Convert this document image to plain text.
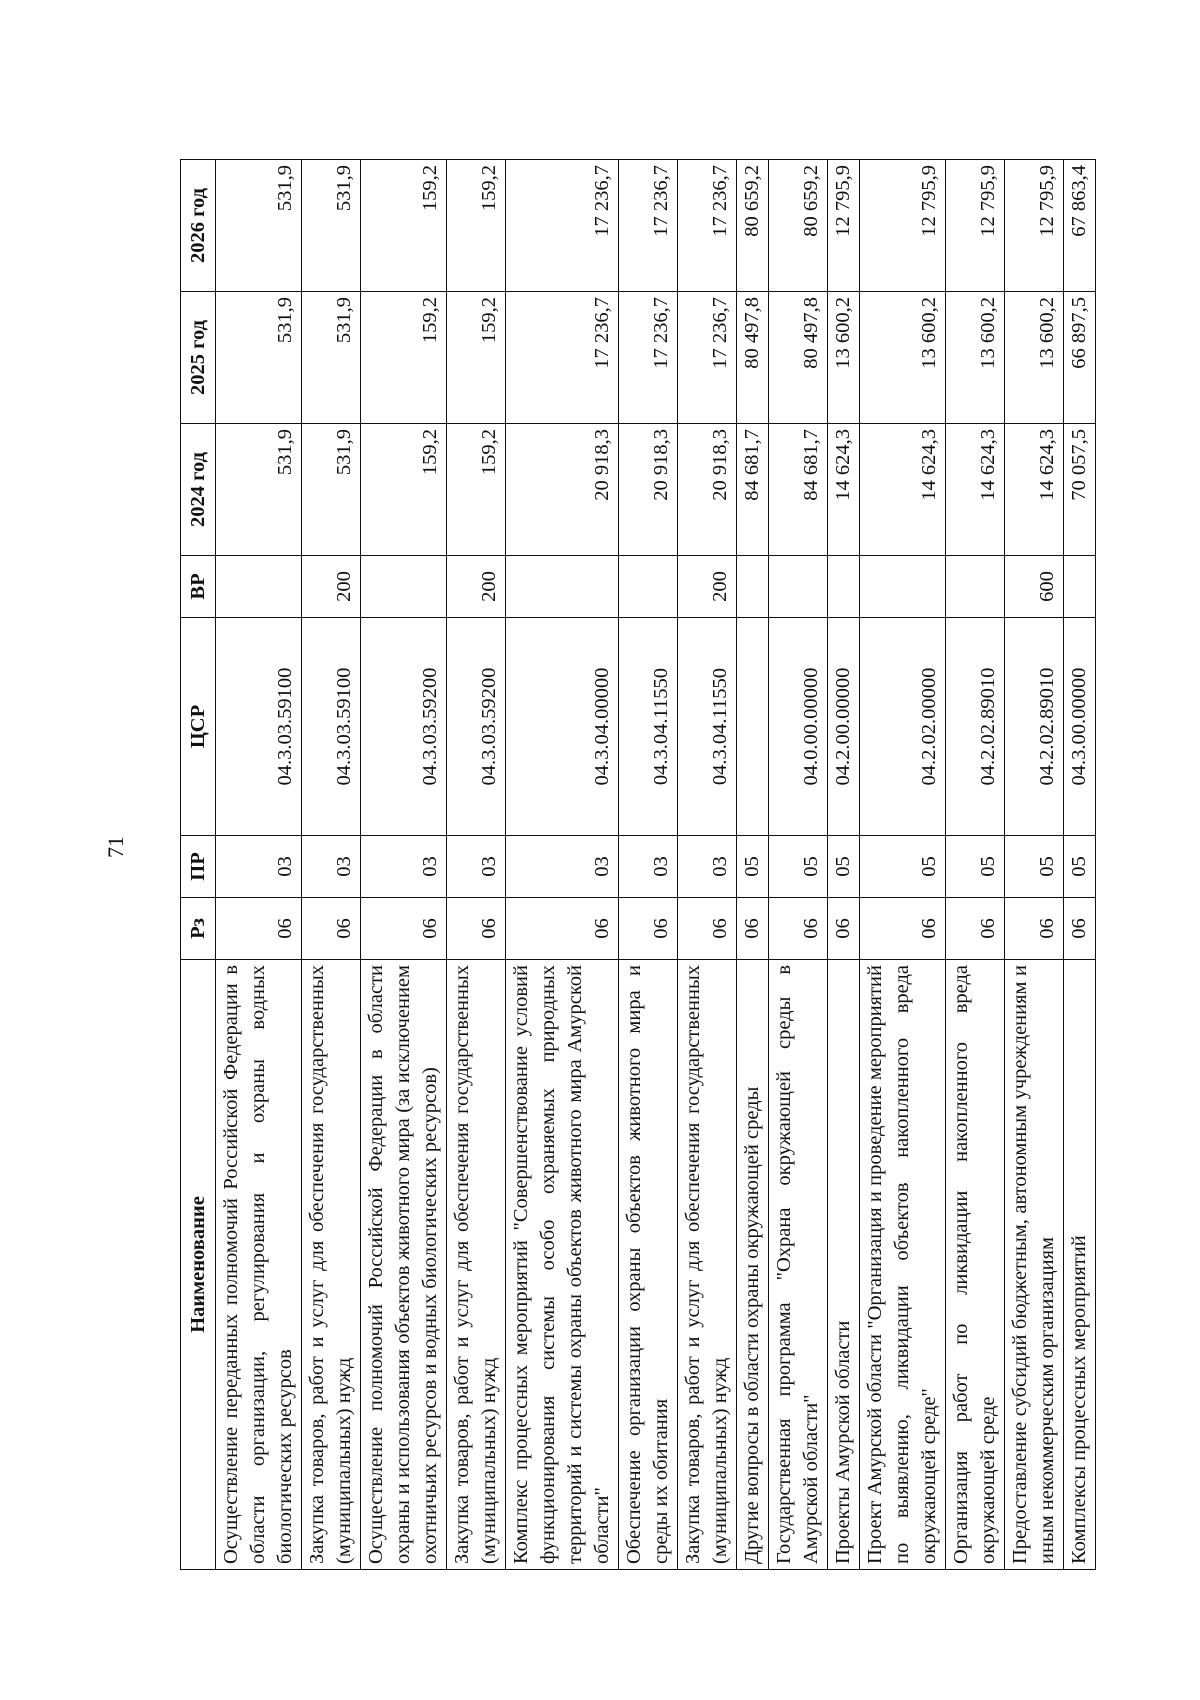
71
Наименование	Рз	ПР	ЦСР	ВР	2024 год	2025 год	2026 год
Осуществление переданных полномочий Российской Федерации в области организации, регулирования и охраны водных биологических ресурсов	06	03	04.3.03.59100		531,9	531,9	531,9
Закупка товаров, работ и услуг для обеспечения государственных (муниципальных) нужд	06	03	04.3.03.59100	200	531,9	531,9	531,9
Осуществление полномочий Российской Федерации в области охраны и использования объектов животного мира (за исключением охотничьих ресурсов и водных биологических ресурсов)	06	03	04.3.03.59200		159,2	159,2	159,2
Закупка товаров, работ и услуг для обеспечения государственных (муниципальных) нужд	06	03	04.3.03.59200	200	159,2	159,2	159,2
Комплекс процессных мероприятий "Совершенствование условий функционирования системы особо охраняемых природных территорий и системы охраны объектов животного мира Амурской области"	06	03	04.3.04.00000		20 918,3	17 236,7	17 236,7
Обеспечение организации охраны объектов животного мира и среды их обитания	06	03	04.3.04.11550		20 918,3	17 236,7	17 236,7
Закупка товаров, работ и услуг для обеспечения государственных (муниципальных) нужд	06	03	04.3.04.11550	200	20 918,3	17 236,7	17 236,7
Другие вопросы в области охраны окружающей среды	06	05			84 681,7	80 497,8	80 659,2
Государственная программа "Охрана окружающей среды в Амурской области"	06	05	04.0.00.00000		84 681,7	80 497,8	80 659,2
Проекты Амурской области	06	05	04.2.00.00000		14 624,3	13 600,2	12 795,9
Проект Амурской области "Организация и проведение мероприятий по выявлению, ликвидации объектов накопленного вреда окружающей среде"	06	05	04.2.02.00000		14 624,3	13 600,2	12 795,9
Организация работ по ликвидации накопленного вреда окружающей среде	06	05	04.2.02.89010		14 624,3	13 600,2	12 795,9
Предоставление субсидий бюджетным, автономным учреждениям и иным некоммерческим организациям	06	05	04.2.02.89010	600	14 624,3	13 600,2	12 795,9
Комплексы процессных мероприятий	06	05	04.3.00.00000		70 057,5	66 897,5	67 863,4
